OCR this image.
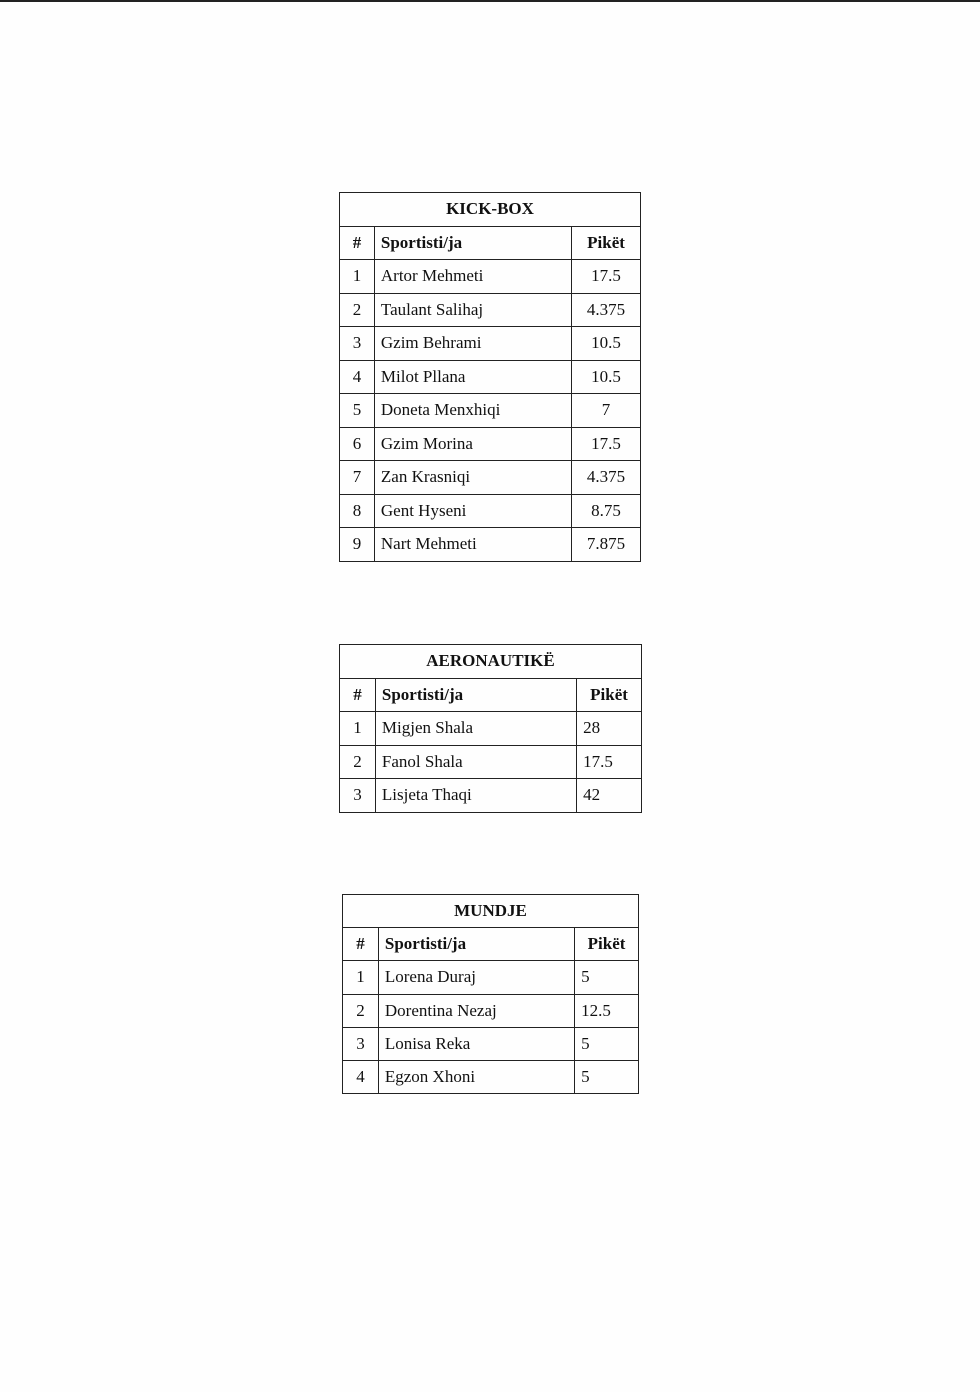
KICK-BOX		
#	Sportisti/ja	Pikët
1	Artor Mehmeti	17.5
2	Taulant Salihaj	4.375
3	Gzim Behrami	10.5
4	Milot Pllana	10.5
5	Doneta Menxhiqi	7
6	Gzim Morina	17.5
7	Zan Krasniqi	4.375
8	Gent Hyseni	8.75
9	Nart Mehmeti	7.875
AERONAUTIKË		
#	Sportisti/ja	Pikët
1	Migjen Shala	28
2	Fanol Shala	17.5
3	Lisjeta Thaqi	42
MUNDJE		
#	Sportisti/ja	Pikët
1	Lorena Duraj	5
2	Dorentina Nezaj	12.5
3	Lonisa Reka	5
4	Egzon Xhoni	5
